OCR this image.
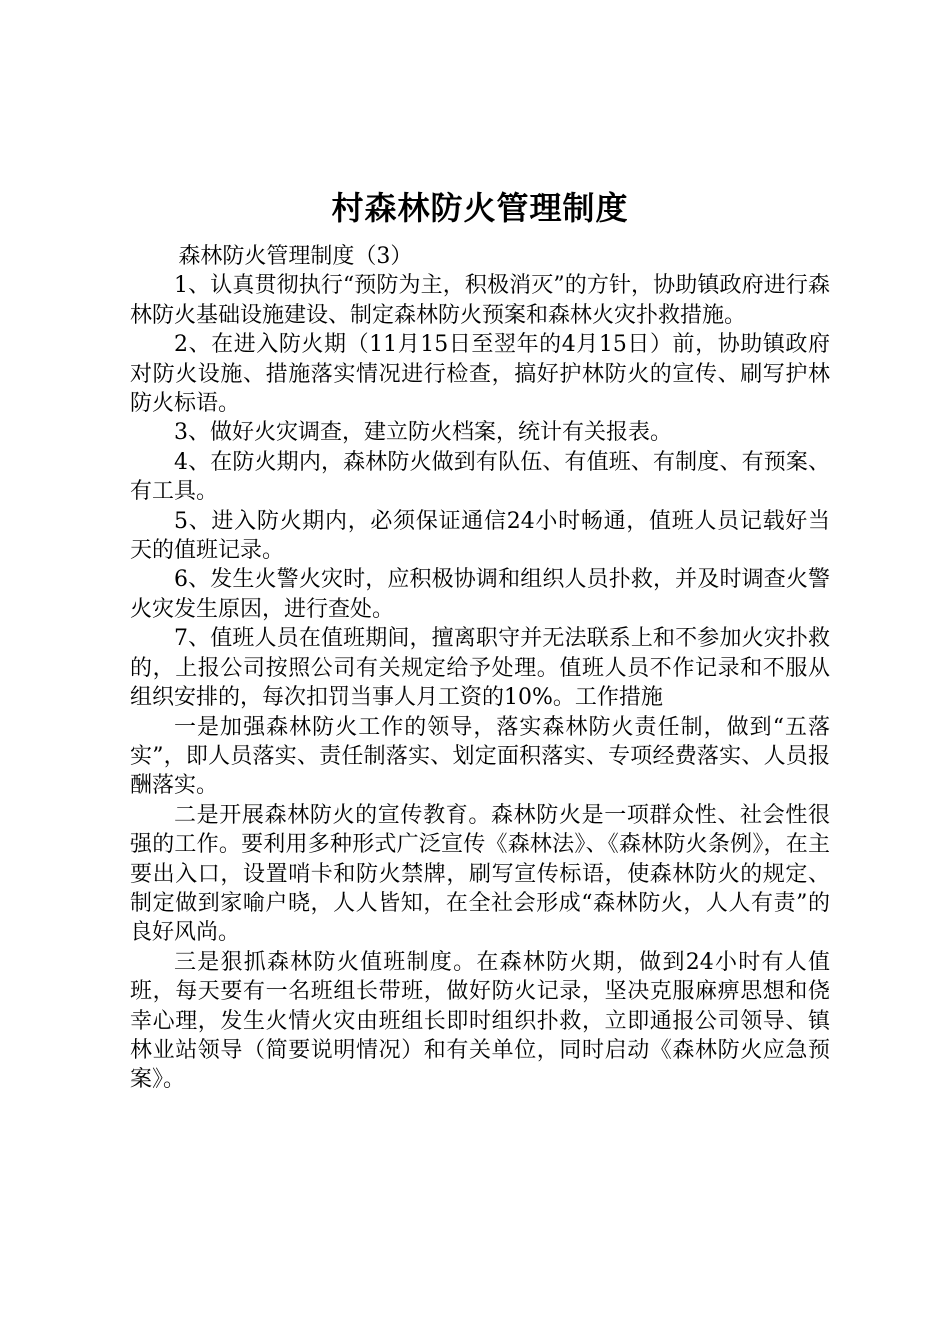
村森林防火管理制度

森林防火管理制度（3）

1、认真贯彻执行“预防为主，积极消灭”的方针，协助镇政府进行森林防火基础设施建设、制定森林防火预案和森林火灾扑救措施。

2、在进入防火期（11月15日至翌年的4月15日）前，协助镇政府对防火设施、措施落实情况进行检查，搞好护林防火的宣传、刷写护林防火标语。

3、做好火灾调查，建立防火档案，统计有关报表。

4、在防火期内，森林防火做到有队伍、有值班、有制度、有预案、有工具。

5、进入防火期内，必须保证通信24小时畅通，值班人员记载好当天的值班记录。

6、发生火警火灾时，应积极协调和组织人员扑救，并及时调查火警火灾发生原因，进行查处。

7、值班人员在值班期间，擅离职守并无法联系上和不参加火灾扑救的，上报公司按照公司有关规定给予处理。值班人员不作记录和不服从组织安排的，每次扣罚当事人月工资的10%。工作措施

一是加强森林防火工作的领导，落实森林防火责任制，做到“五落实”，即人员落实、责任制落实、划定面积落实、专项经费落实、人员报酬落实。

二是开展森林防火的宣传教育。森林防火是一项群众性、社会性很强的工作。要利用多种形式广泛宣传《森林法》、《森林防火条例》，在主要出入口，设置哨卡和防火禁牌，刷写宣传标语，使森林防火的规定、制定做到家喻户晓，人人皆知，在全社会形成“森林防火，人人有责”的良好风尚。

三是狠抓森林防火值班制度。在森林防火期，做到24小时有人值班，每天要有一名班组长带班，做好防火记录，坚决克服麻痹思想和侥幸心理，发生火情火灾由班组长即时组织扑救，立即通报公司领导、镇林业站领导（简要说明情况）和有关单位，同时启动《森林防火应急预案》。
